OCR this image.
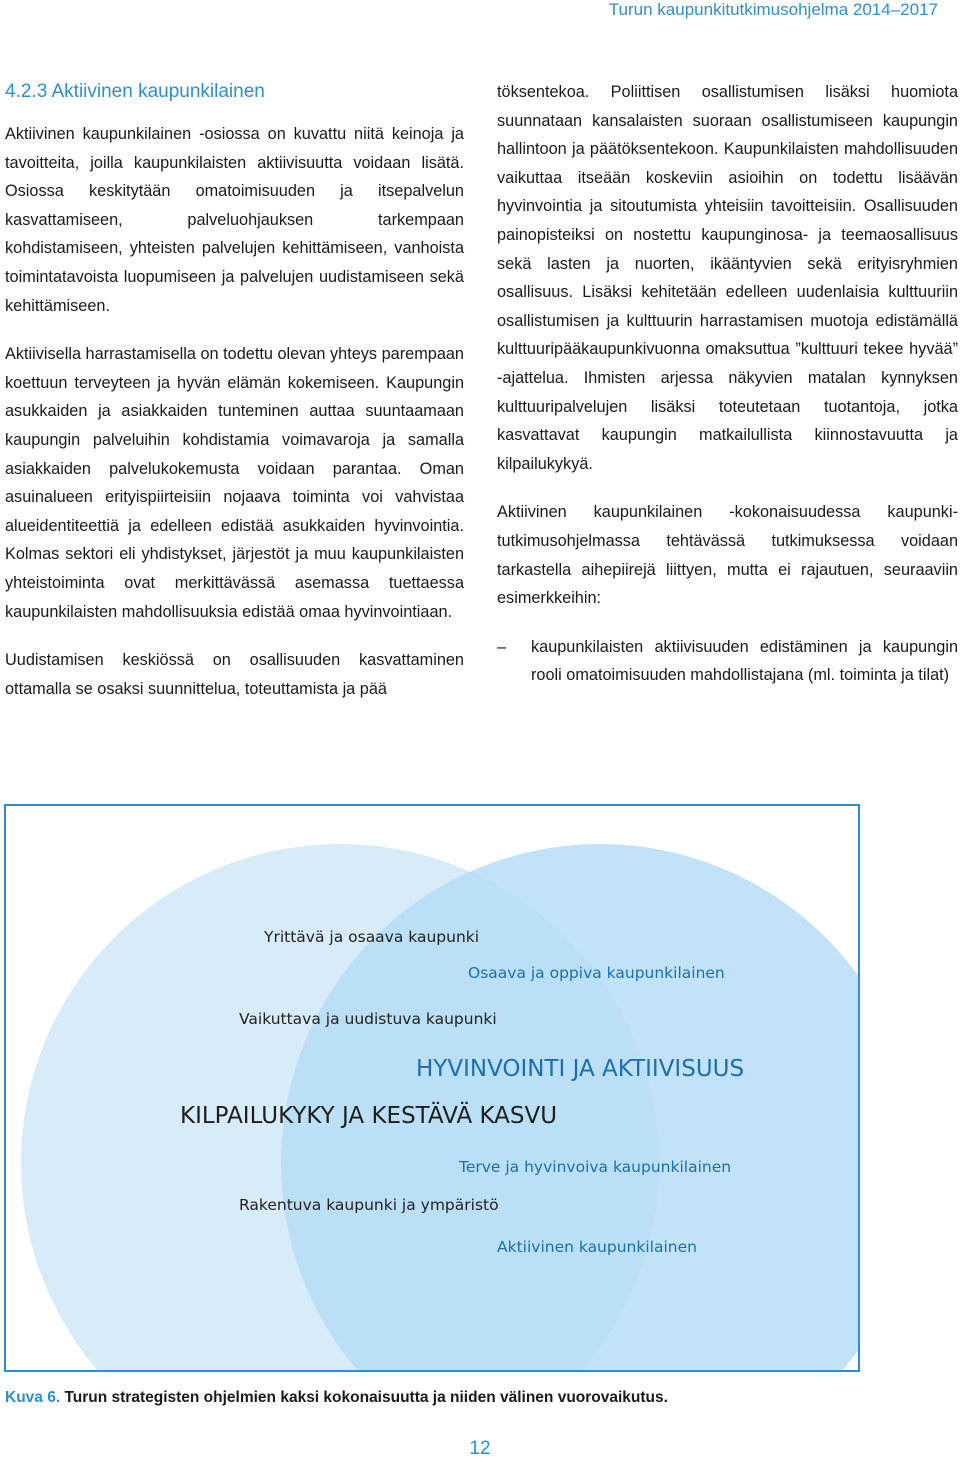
Turun kaupunkitutkimusohjelma 2014–2017
4.2.3 Aktiivinen kaupunkilainen

Aktiivinen kaupunkilainen -osiossa on kuvattu niitä keinoja ja tavoitteita, joilla kaupunkilaisten aktiivisuutta voidaan lisätä. Osiossa keskitytään omatoimisuuden ja itsepalvelun kasvattamiseen, palveluohjauksen tarkempaan kohdistamiseen, yhteisten palvelujen kehittämiseen, vanhoista toimintatavoista luopumiseen ja palvelujen uudistamiseen sekä kehittämiseen.

Aktiivisella harrastamisella on todettu olevan yhteys parempaan koettuun terveyteen ja hyvän elämän kokemiseen. Kaupungin asukkaiden ja asiakkaiden tunteminen auttaa suuntaamaan kaupungin palveluihin kohdistamia voimavaroja ja samalla asiakkaiden palvelukokemusta voidaan parantaa. Oman asuinalueen erityispiirteisiin nojaava toiminta voi vahvistaa alueidentiteettiä ja edelleen edistää asukkaiden hyvinvointia. Kolmas sektori eli yhdistykset, järjestöt ja muu kaupunkilaisten yhteistoiminta ovat merkittävässä asemassa tuettaessa kaupunkilaisten mahdollisuuksia edistää omaa hyvinvointiaan.

Uudistamisen keskiössä on osallisuuden kasvattaminen ottamalla se osaksi suunnittelua, toteuttamista ja pää

töksentekoa. Poliittisen osallistumisen lisäksi huomiota suunnataan kansalaisten suoraan osallistumiseen kaupungin hallintoon ja päätöksentekoon. Kaupunkilaisten mahdollisuuden vaikuttaa itseään koskeviin asioihin on todettu lisäävän hyvinvointia ja sitoutumista yhteisiin tavoitteisiin. Osallisuuden painopisteiksi on nostettu kaupunginosa- ja teemaosallisuus sekä lasten ja nuorten, ikääntyvien sekä erityisryhmien osallisuus. Lisäksi kehitetään edelleen uudenlaisia kulttuuriin osallistumisen ja kulttuurin harrastamisen muotoja edistämällä kulttuuripääkaupunkivuonna omaksuttua ”kulttuuri tekee hyvää” -ajattelua. Ihmisten arjessa näkyvien matalan kynnyksen kulttuuripalvelujen lisäksi toteutetaan tuotantoja, jotka kasvattavat kaupungin matkailullista kiinnostavuutta ja kilpailukykyä.

Aktiivinen kaupunkilainen -kokonaisuudessa kaupunkitutkimusohjelmassa tehtävässä tutkimuksessa voidaan tarkastella aihepiirejä liittyen, mutta ei rajautuen, seuraaviin esimerkkeihin:

– kaupunkilaisten aktiivisuuden edistäminen ja kaupungin rooli omatoimisuuden mahdollistajana (ml. toiminta ja tilat)
Yrittävä ja osaava kaupunki
Osaava ja oppiva kaupunkilainen
Vaikuttava ja uudistuva kaupunki
HYVINVOINTI JA AKTIIVISUUS
KILPAILUKYKY JA KESTÄVÄ KASVU
Terve ja hyvinvoiva kaupunkilainen
Rakentuva kaupunki ja ympäristö
Aktiivinen kaupunkilainen
Kuva 6. Turun strategisten ohjelmien kaksi kokonaisuutta ja niiden välinen vuorovaikutus.
12
